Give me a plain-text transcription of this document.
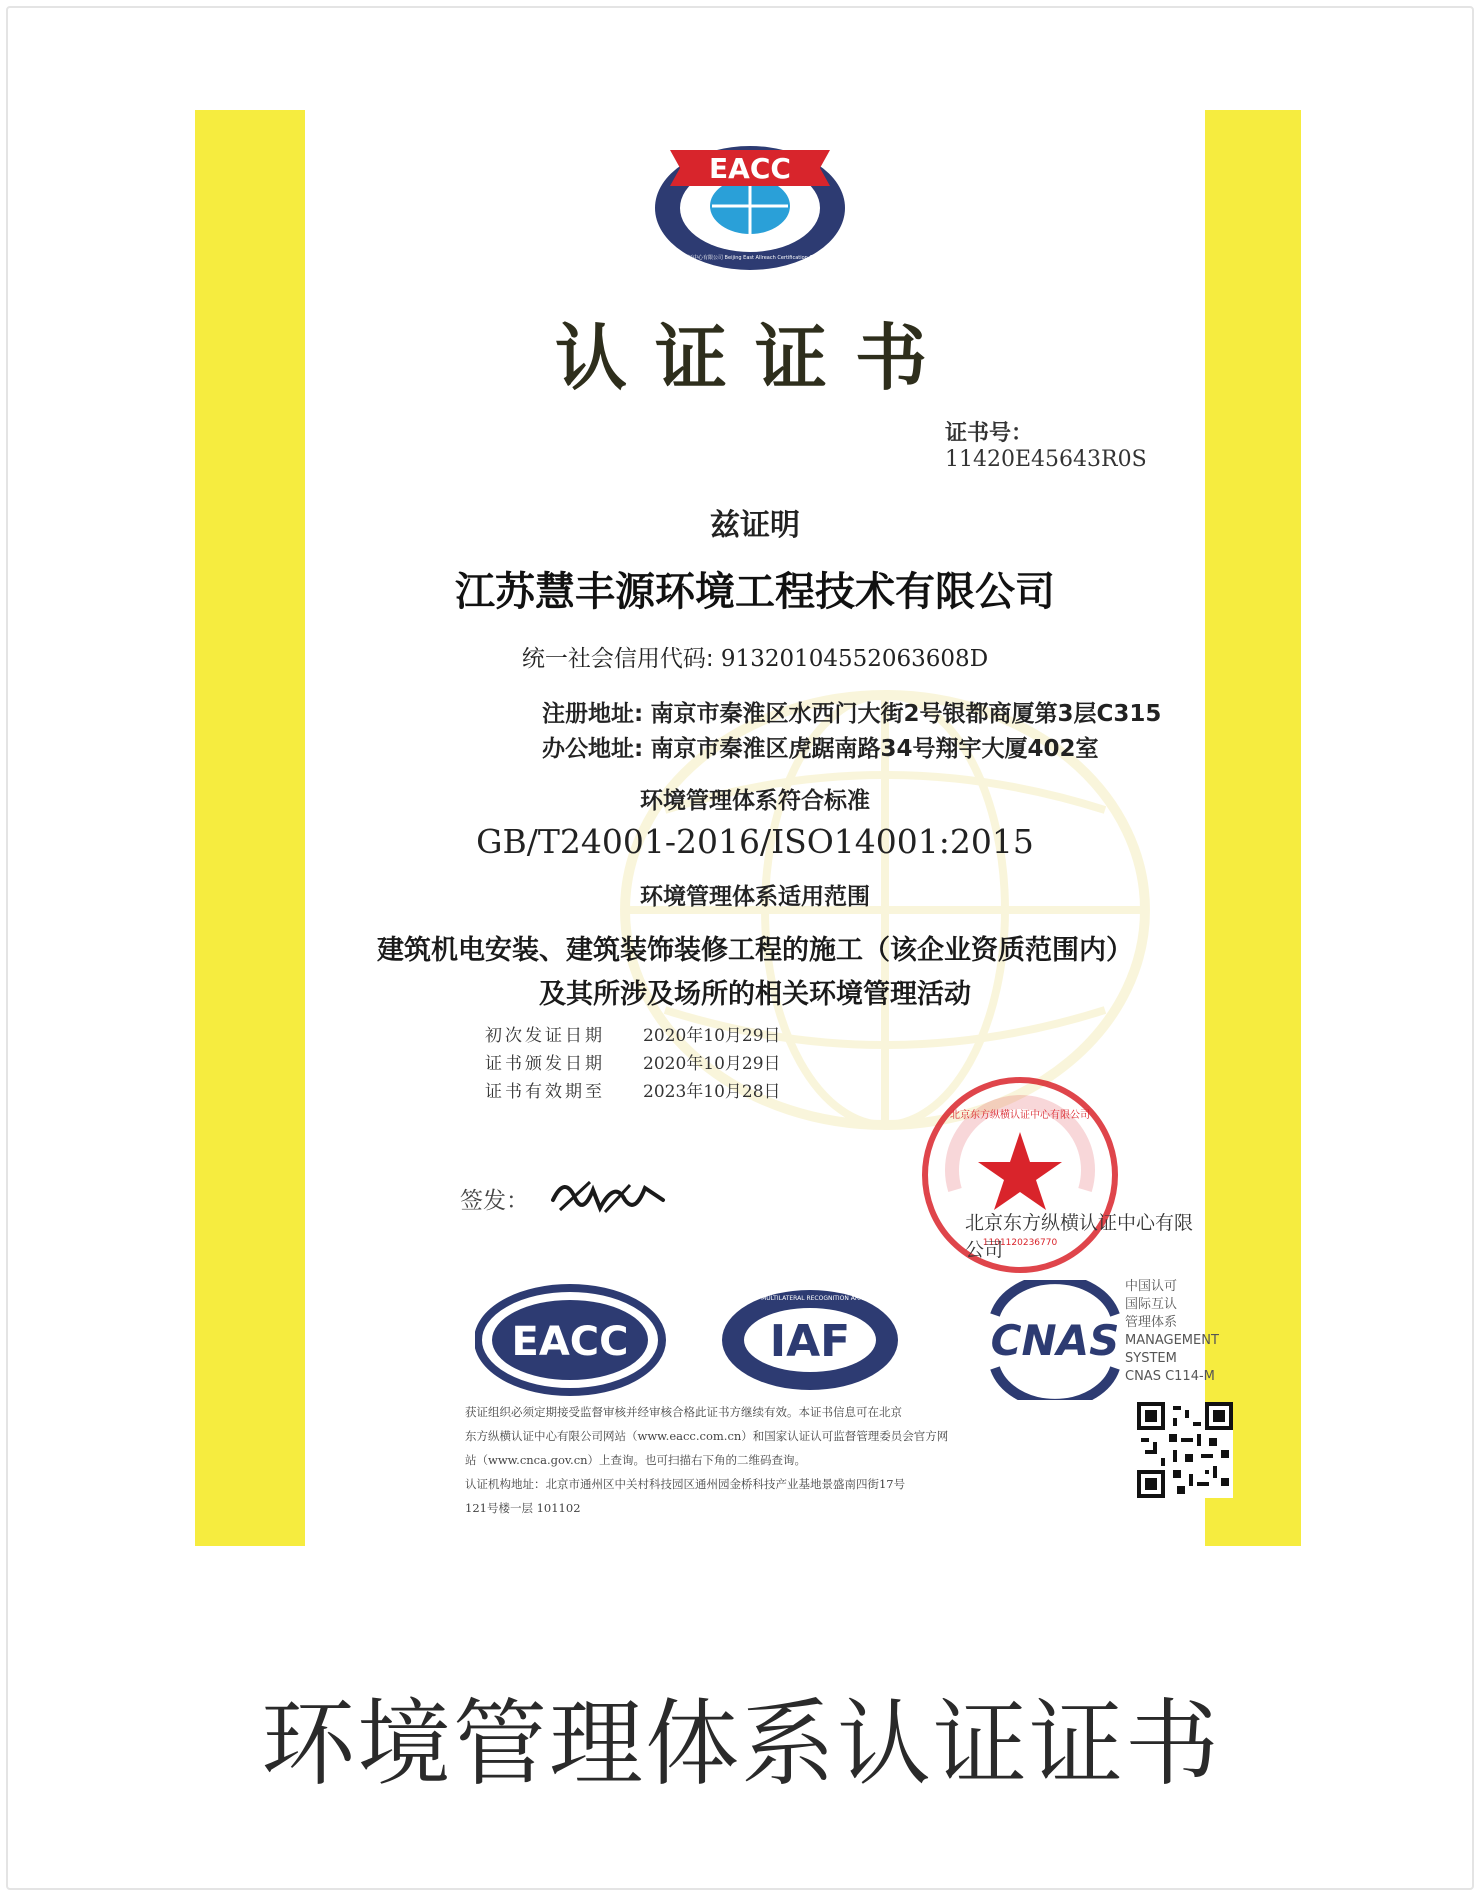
EACC
北京东方纵横认证中心有限公司 Beijing East Allreach Certification Center Co.,Ltd.
认证证书
证书号：11420E45643R0S
兹证明
江苏慧丰源环境工程技术有限公司
统一社会信用代码: 91320104552063608D
注册地址: 南京市秦淮区水西门大街2号银都商厦第3层C315
办公地址: 南京市秦淮区虎踞南路34号翔宇大厦402室
环境管理体系符合标准
GB/T24001-2016/ISO14001:2015
环境管理体系适用范围
建筑机电安装、建筑装饰装修工程的施工（该企业资质范围内）
及其所涉及场所的相关环境管理活动
初次发证日期	2020年10月29日
证书颁发日期	2020年10月29日
证书有效期至	2023年10月28日
签发：
1101120236770
北京东方纵横认证中心有限公司
北京东方纵横认证中心有限公司
EACC	IAF
MEMBER OF MULTILATERAL RECOGNITION ARRANGEMENT
CNAS
中国认可
国际互认
管理体系
MANAGEMENT SYSTEM
CNAS C114-M
获证组织必须定期接受监督审核并经审核合格此证书方继续有效。本证书信息可在北京
东方纵横认证中心有限公司网站（www.eacc.com.cn）和国家认证认可监督管理委员会官方网
站（www.cnca.gov.cn）上查询。也可扫描右下角的二维码查询。
认证机构地址：北京市通州区中关村科技园区通州园金桥科技产业基地景盛南四街17号
121号楼一层 101102
环境管理体系认证证书
